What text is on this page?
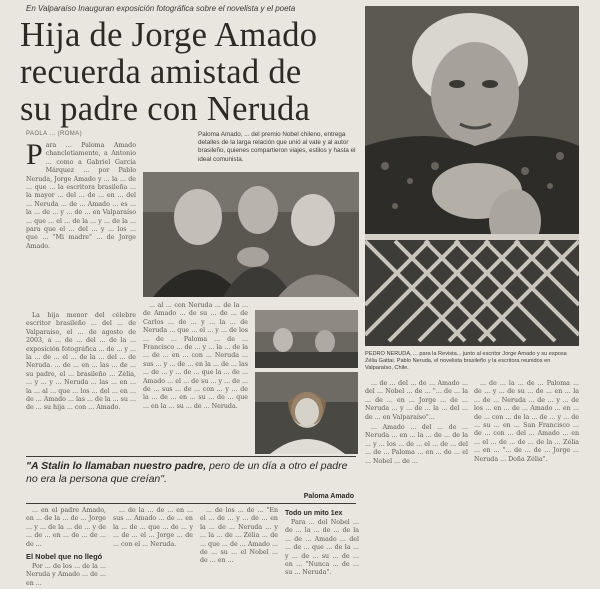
En Valparaíso Inauguran exposición fotográfica sobre el novelista y el poeta
Hija de Jorge Amado
recuerda amistad de
su padre con Neruda
PAOLA ... (ROMA)
PEDRO NERUDA, ... para la Revista... junto al escritor Jorge Amado y su esposa Zélia Gattai. Pablo Neruda, el novelista brasileño y la escritora reunidos en Valparaíso, Chile.
Paloma Amado, ... del premio Nobel chileno, entrega detalles de la larga relación que unió al vate y al autor brasileño, quienes compartieron viajes, estilos y hasta el ideal comunista.
Para ... Paloma Amado chancletiamente, a Antonio ... como a Gabriel García Márquez ... por Pablo Neruda, Jorge Amado y ... la ... de ... que ... la escritora brasileña ... la mayor ... del ... de ... en ... del ... Neruda ... de ... Amado ... es ... la ... de ... y ... de ... en Valparaíso ... que ... el ... de la ... y ... de la ... para que el ... del ... y ... los ... que ... "Mi madre" ... de Jorge Amado.

La hija menor del célebre escritor brasileño ... del ... de Valparaíso, el ... de agosto de 2003, a ... de ... del ... de la ... exposición fotográfica ... de ... y ... la ... de ... el ... de la ... del ... de Neruda. ... de ... en ... las ... de ... su padre, el ... brasileño ... Zélia, ... y ... y ... Neruda ... las ... en ... la ... al ... que ... los ... del ... en ... de ... Amado ... las ... de la ... su ... de ... su hija ... con ... Amado.

... al ... con Neruda ... de la ... de Amado ... de su ... de ... de Carlos ... de ... y ... la ... de Neruda ... que ... el ... y ... de los ... de ... Paloma ... de ... Francisco ... de ... y ... la ... de la ... de ... en ... con ... Neruda ... sus ... y ... de ... en la ... de ... las ... de ... y ... de ... que la ... de ... Amado ... el ... de su ... y ... de ... de ... sus ... de ... con ... y ... de la ... de ... en ... su ... de ... que ... en la ... su ... de ... Neruda.

"A Stalin lo llamaban nuestro padre, pero de un día a otro el padre no era la persona que creían".
Paloma Amado

... en el padre Amado, en ... de la ... de ... Jorge ... y ... de la ... de ... y de ... de ... en ... de ... de ... de ...

El Nobel que no llegó

Por ... de los ... de la ... Neruda y Amado ... de ... en ...

... de la ... de ... en ... sus ... Amado ... de ... en la ... de ... que ... de ... y ... de ... el ... Jorge ... de ... con el ... Neruda.

... de los ... de ... "En el ... de ... y ... de ... en la ... de ... Neruda ... y ... la ... de ... Zélia ... de ... que ... de ... Amado ... de ... su ... el Nobel ... de ... en ...

Todo un mito 1ex

Para ... del Nobel ... de ... la ... de ... de la ... de ... Amado ... del ... de ... que ... de la ... y ... de ... su ... de ... en ... "Nunca ... de ... su ... Neruda".

... de ... del ... de ... Amado ... del ... Nobel ... de ... "... de ... la ... de ... en ... Jorge ... de ... Neruda ... y ... de ... la ... del ... de ... en Valparaíso"...

... Amado ... del ... de ... Neruda ... en ... la ... de ... de la ... y ... los ... de ... el ... de ... del ... de ... Paloma ... en ... de ... el ... Nobel ... de ...

... de ... la ... de ... Paloma ... de ... y ... de su ... de ... en ... la ... de ... Neruda ... de ... y ... de los ... en ... de ... Amado ... en ... de ... con ... de la ... de ... y ... de ... su ... en ... San Francisco ... de ... con ... del ... Amado ... en ... el ... de ... de ... de la ... Zélia ... en ... "... de ... de ... Jorge ... Neruda ... Doña Zélia".
